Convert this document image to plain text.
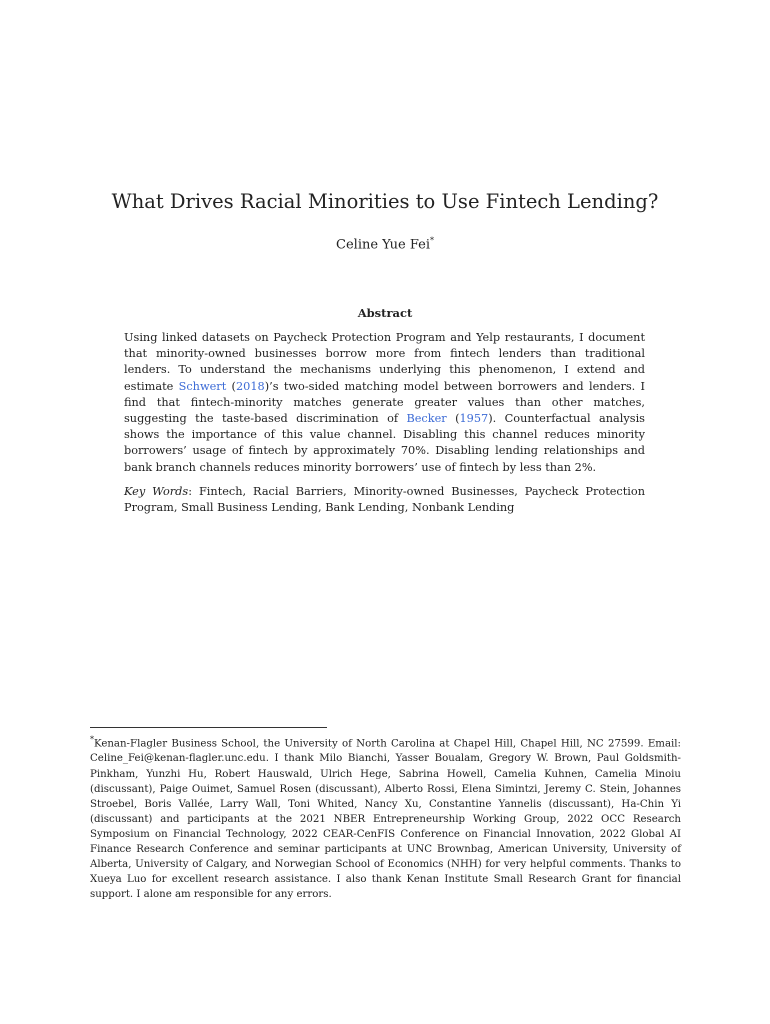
What Drives Racial Minorities to Use Fintech Lending?
Celine Yue Fei*
Abstract
Using linked datasets on Paycheck Protection Program and Yelp restaurants, I document that minority-owned businesses borrow more from fintech lenders than traditional lenders. To understand the mechanisms underlying this phenomenon, I extend and estimate Schwert (2018)’s two-sided matching model between borrowers and lenders. I find that fintech-minority matches generate greater values than other matches, suggesting the taste-based discrimination of Becker (1957). Counterfactual analysis shows the importance of this value channel. Disabling this channel reduces minority borrowers’ usage of fintech by approximately 70%. Disabling lending relationships and bank branch channels reduces minority borrowers’ use of fintech by less than 2%.
Key Words: Fintech, Racial Barriers, Minority-owned Businesses, Paycheck Protection Program, Small Business Lending, Bank Lending, Nonbank Lending
*Kenan-Flagler Business School, the University of North Carolina at Chapel Hill, Chapel Hill, NC 27599. Email: Celine_Fei@kenan-flagler.unc.edu. I thank Milo Bianchi, Yasser Boualam, Gregory W. Brown, Paul Goldsmith-Pinkham, Yunzhi Hu, Robert Hauswald, Ulrich Hege, Sabrina Howell, Camelia Kuhnen, Camelia Minoiu (discussant), Paige Ouimet, Samuel Rosen (discussant), Alberto Rossi, Elena Simintzi, Jeremy C. Stein, Johannes Stroebel, Boris Vallée, Larry Wall, Toni Whited, Nancy Xu, Constantine Yannelis (discussant), Ha-Chin Yi (discussant) and participants at the 2021 NBER Entrepreneurship Working Group, 2022 OCC Research Symposium on Financial Technology, 2022 CEAR-CenFIS Conference on Financial Innovation, 2022 Global AI Finance Research Conference and seminar participants at UNC Brownbag, American University, University of Alberta, University of Calgary, and Norwegian School of Economics (NHH) for very helpful comments. Thanks to Xueya Luo for excellent research assistance. I also thank Kenan Institute Small Research Grant for financial support. I alone am responsible for any errors.
